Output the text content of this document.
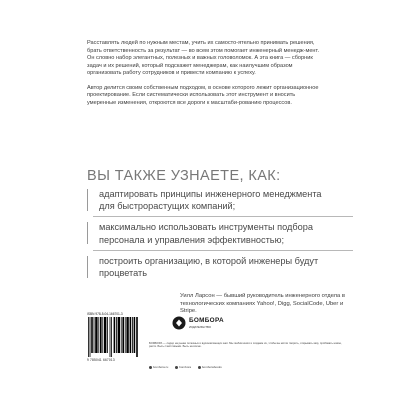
Расставлять людей по нужным местам, учить их самосто-ятельно принимать решения, брать ответственность за результат — во всем этом помогает инженерный менедж-мент. Он словно набор элегантных, полезных и важных головоломок. А эта книга — сборник задач и их решений, который подскажет менеджерам, как наилучшим образом организовать работу сотрудников и привести компанию к успеху.

Автор делится своим собственным подходом, в основе которого лежит организационное проектирование. Если систематически использовать этот инструмент и вносить умеренные изменения, откроются все дороги к масштаби-рованию процессов.

ВЫ ТАКЖЕ УЗНАЕТЕ, КАК:
адаптировать принципы инженерного менеджмента для быстрорастущих компаний;
максимально использовать инструменты подбора персонала и управления эффективностью;
построить организацию, в которой инженеры будут процветать
Уилл Ларсон — бывший руководитель инженерного отдела в технологических компаниях Yahoo!, Digg, SocialCode, Uber и Stripe.
ISBN 978-5-04-166701-3
9 785041 667013
БОМБОРА
ИЗДАТЕЛЬСТВО
БОМБОРА — лидер на рынке полезных и вдохновляющих книг. Мы любим книги и создаем их, чтобы вы могли творить, открывать мир, пробовать новое, расти. Быть счастливыми. Быть на волне.
bombora.ru	bombora	bomborabooks
